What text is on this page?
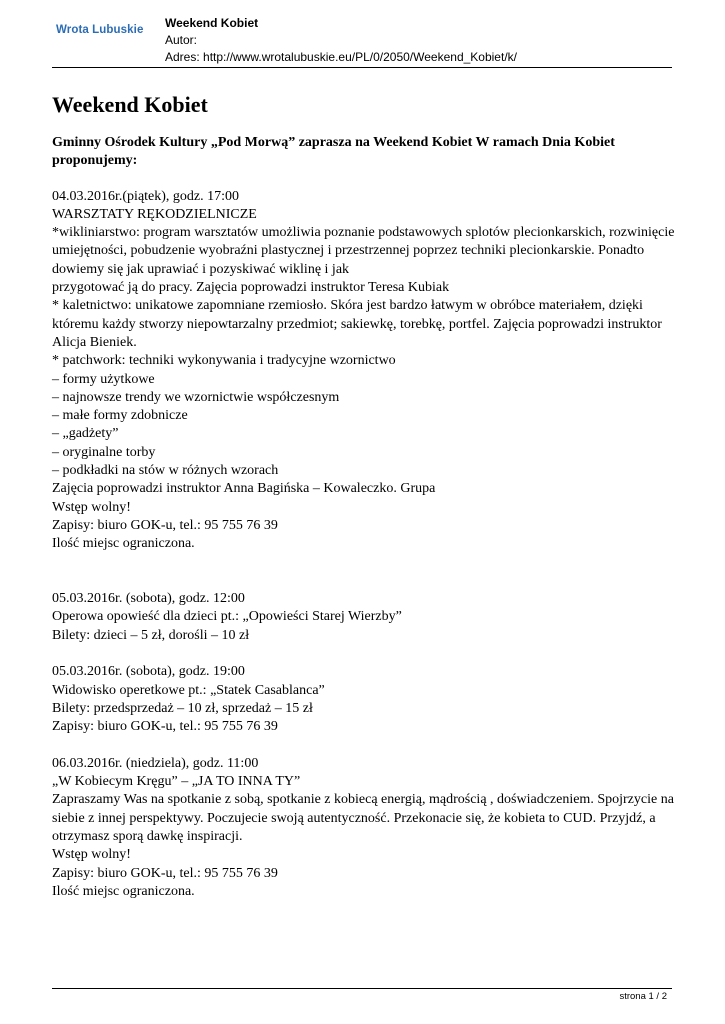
Wrota Lubuskie Weekend Kobiet
Autor:
Adres: http://www.wrotalubuskie.eu/PL/0/2050/Weekend_Kobiet/k/
Weekend Kobiet
Gminny Ośrodek Kultury „Pod Morwą” zaprasza na Weekend Kobiet W ramach Dnia Kobiet proponujemy:
04.03.2016r.(piątek), godz. 17:00
WARSZTATY RĘKODZIELNICZE
*wikliniarstwo: program warsztatów umożliwia poznanie podstawowych splotów plecionkarskich, rozwinięcie umiejętności, pobudzenie wyobraźni plastycznej i przestrzennej poprzez techniki plecionkarskie. Ponadto dowiemy się jak uprawiać i pozyskiwać wiklinę i jak
przygotować ją do pracy. Zajęcia poprowadzi instruktor Teresa Kubiak
* kaletnictwo: unikatowe zapomniane rzemiosło. Skóra jest bardzo łatwym w obróbce materiałem, dzięki któremu każdy stworzy niepowtarzalny przedmiot; sakiewkę, torebkę, portfel. Zajęcia poprowadzi instruktor Alicja Bieniek.
* patchwork: techniki wykonywania i tradycyjne wzornictwo
– formy użytkowe
– najnowsze trendy we wzornictwie współczesnym
– małe formy zdobnicze
– „gadżety”
– oryginalne torby
– podkładki na stów w różnych wzorach
Zajęcia poprowadzi instruktor Anna Bagińska – Kowaleczko. Grupa
Wstęp wolny!
Zapisy: biuro GOK-u, tel.: 95 755 76 39
Ilość miejsc ograniczona.
05.03.2016r. (sobota), godz. 12:00
Operowa opowieść dla dzieci pt.: „Opowieści Starej Wierzby”
Bilety: dzieci – 5 zł, dorośli – 10 zł
05.03.2016r. (sobota), godz. 19:00
Widowisko operetkowe pt.: „Statek Casablanca”
Bilety: przedsprzedaż – 10 zł, sprzedaż – 15 zł
Zapisy: biuro GOK-u, tel.: 95 755 76 39
06.03.2016r. (niedziela), godz. 11:00
„W Kobiecym Kręgu” – „JA TO INNA TY”
Zapraszamy Was na spotkanie z sobą, spotkanie z kobiecą energią, mądrością , doświadczeniem. Spojrzycie na siebie z innej perspektywy. Poczujecie swoją autentyczność. Przekonacie się, że kobieta to CUD. Przyjdź, a otrzymasz sporą dawkę inspiracji.
Wstęp wolny!
Zapisy: biuro GOK-u, tel.: 95 755 76 39
Ilość miejsc ograniczona.
strona 1 / 2
